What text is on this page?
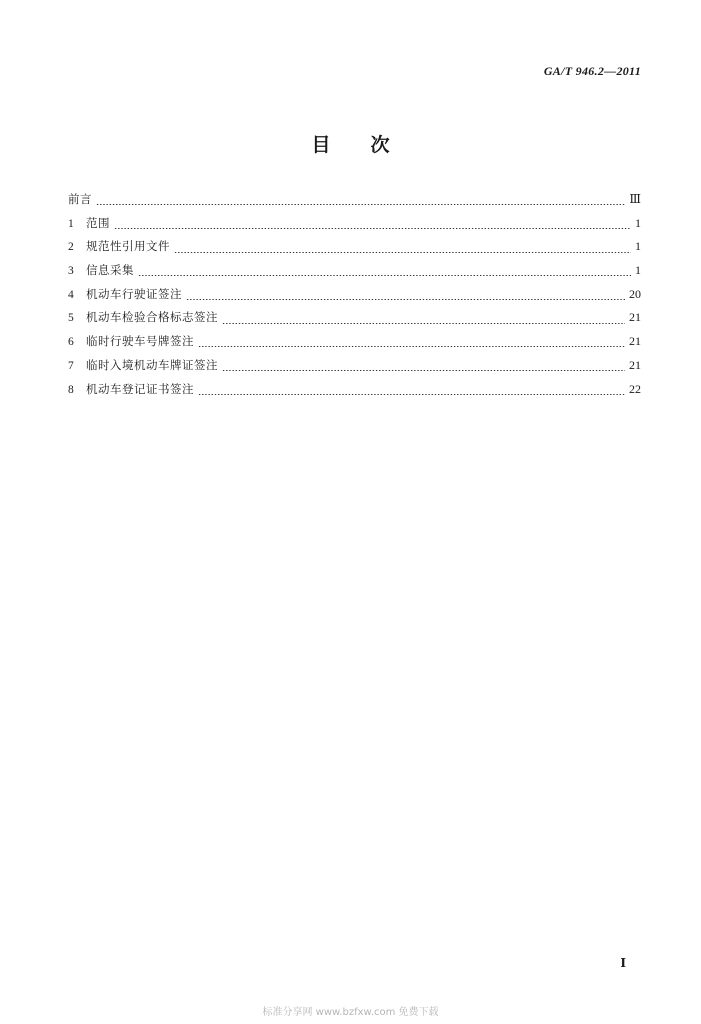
GA/T 946.2—2011
目 次
前言	Ⅲ
1	范围	1
2	规范性引用文件	1
3	信息采集	1
4	机动车行驶证签注	20
5	机动车检验合格标志签注	21
6	临时行驶车号牌签注	21
7	临时入境机动车牌证签注	21
8	机动车登记证书签注	22
Ⅰ
标准分享网 www.bzfxw.com 免费下载
